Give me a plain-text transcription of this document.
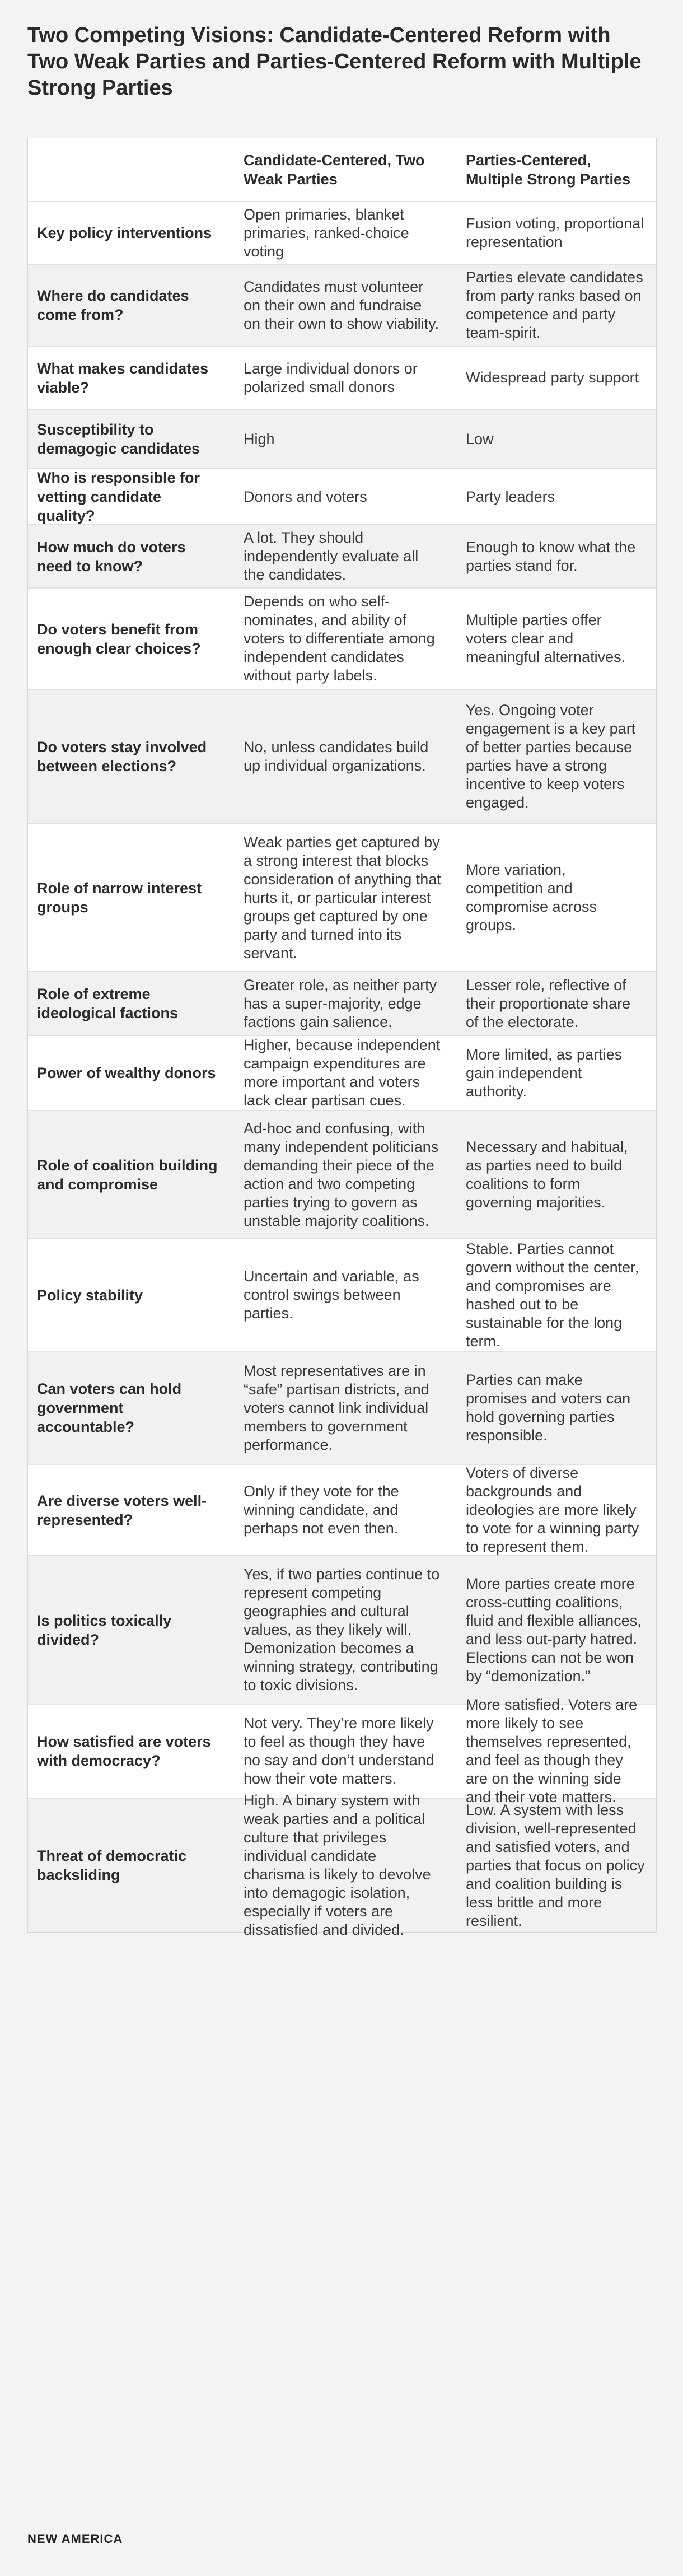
Two Competing Visions: Candidate-Centered Reform with Two Weak Parties and Parties-Centered Reform with Multiple Strong Parties
Candidate-Centered, Two Weak Parties
Parties-Centered, Multiple Strong Parties
Key policy interventions
Open primaries, blanket primaries, ranked-choice voting
Fusion voting, proportional representation
Where do candidates come from?
Candidates must volunteer on their own and fundraise on their own to show viability.
Parties elevate candidates from party ranks based on competence and party team-spirit.
What makes candidates viable?
Large individual donors or polarized small donors
Widespread party support
Susceptibility to demagogic candidates
High	Low
Who is responsible for vetting candidate quality?
Donors and voters	Party leaders
How much do voters need to know?
A lot. They should independently evaluate all the candidates.
Enough to know what the parties stand for.
Do voters benefit from enough clear choices?
Depends on who self-nominates, and ability of voters to differentiate among independent candidates without party labels.
Multiple parties offer voters clear and meaningful alternatives.
Do voters stay involved between elections?
No, unless candidates build up individual organizations.
Yes. Ongoing voter engagement is a key part of better parties because parties have a strong incentive to keep voters engaged.
Role of narrow interest groups
Weak parties get captured by a strong interest that blocks consideration of anything that hurts it, or particular interest groups get captured by one party and turned into its servant.
More variation, competition and compromise across groups.
Role of extreme ideological factions
Greater role, as neither party has a super-majority, edge factions gain salience.
Lesser role, reflective of their proportionate share of the electorate.
Power of wealthy donors
Higher, because independent campaign expenditures are more important and voters lack clear partisan cues.
More limited, as parties gain independent authority.
Role of coalition building and compromise
Ad-hoc and confusing, with many independent politicians demanding their piece of the action and two competing parties trying to govern as unstable majority coalitions.
Necessary and habitual, as parties need to build coalitions to form governing majorities.
Policy stability
Uncertain and variable, as control swings between parties.
Stable. Parties cannot govern without the center, and compromises are hashed out to be sustainable for the long term.
Can voters can hold government accountable?
Most representatives are in “safe” partisan districts, and voters cannot link individual members to government performance.
Parties can make promises and voters can hold governing parties responsible.
Are diverse voters well-represented?
Only if they vote for the winning candidate, and perhaps not even then.
Voters of diverse backgrounds and ideologies are more likely to vote for a winning party to represent them.
Is politics toxically divided?
Yes, if two parties continue to represent competing geographies and cultural values, as they likely will. Demonization becomes a winning strategy, contributing to toxic divisions.
More parties create more cross-cutting coalitions, fluid and flexible alliances, and less out-party hatred. Elections can not be won by “demonization.”
How satisfied are voters with democracy?
Not very. They’re more likely to feel as though they have no say and don’t understand how their vote matters.
More satisfied. Voters are more likely to see themselves represented, and feel as though they are on the winning side and their vote matters.
Threat of democratic backsliding
High. A binary system with weak parties and a political culture that privileges individual candidate charisma is likely to devolve into demagogic isolation, especially if voters are dissatisfied and divided.
Low. A system with less division, well-represented and satisfied voters, and parties that focus on policy and coalition building is less brittle and more resilient.
NEW AMERICA
